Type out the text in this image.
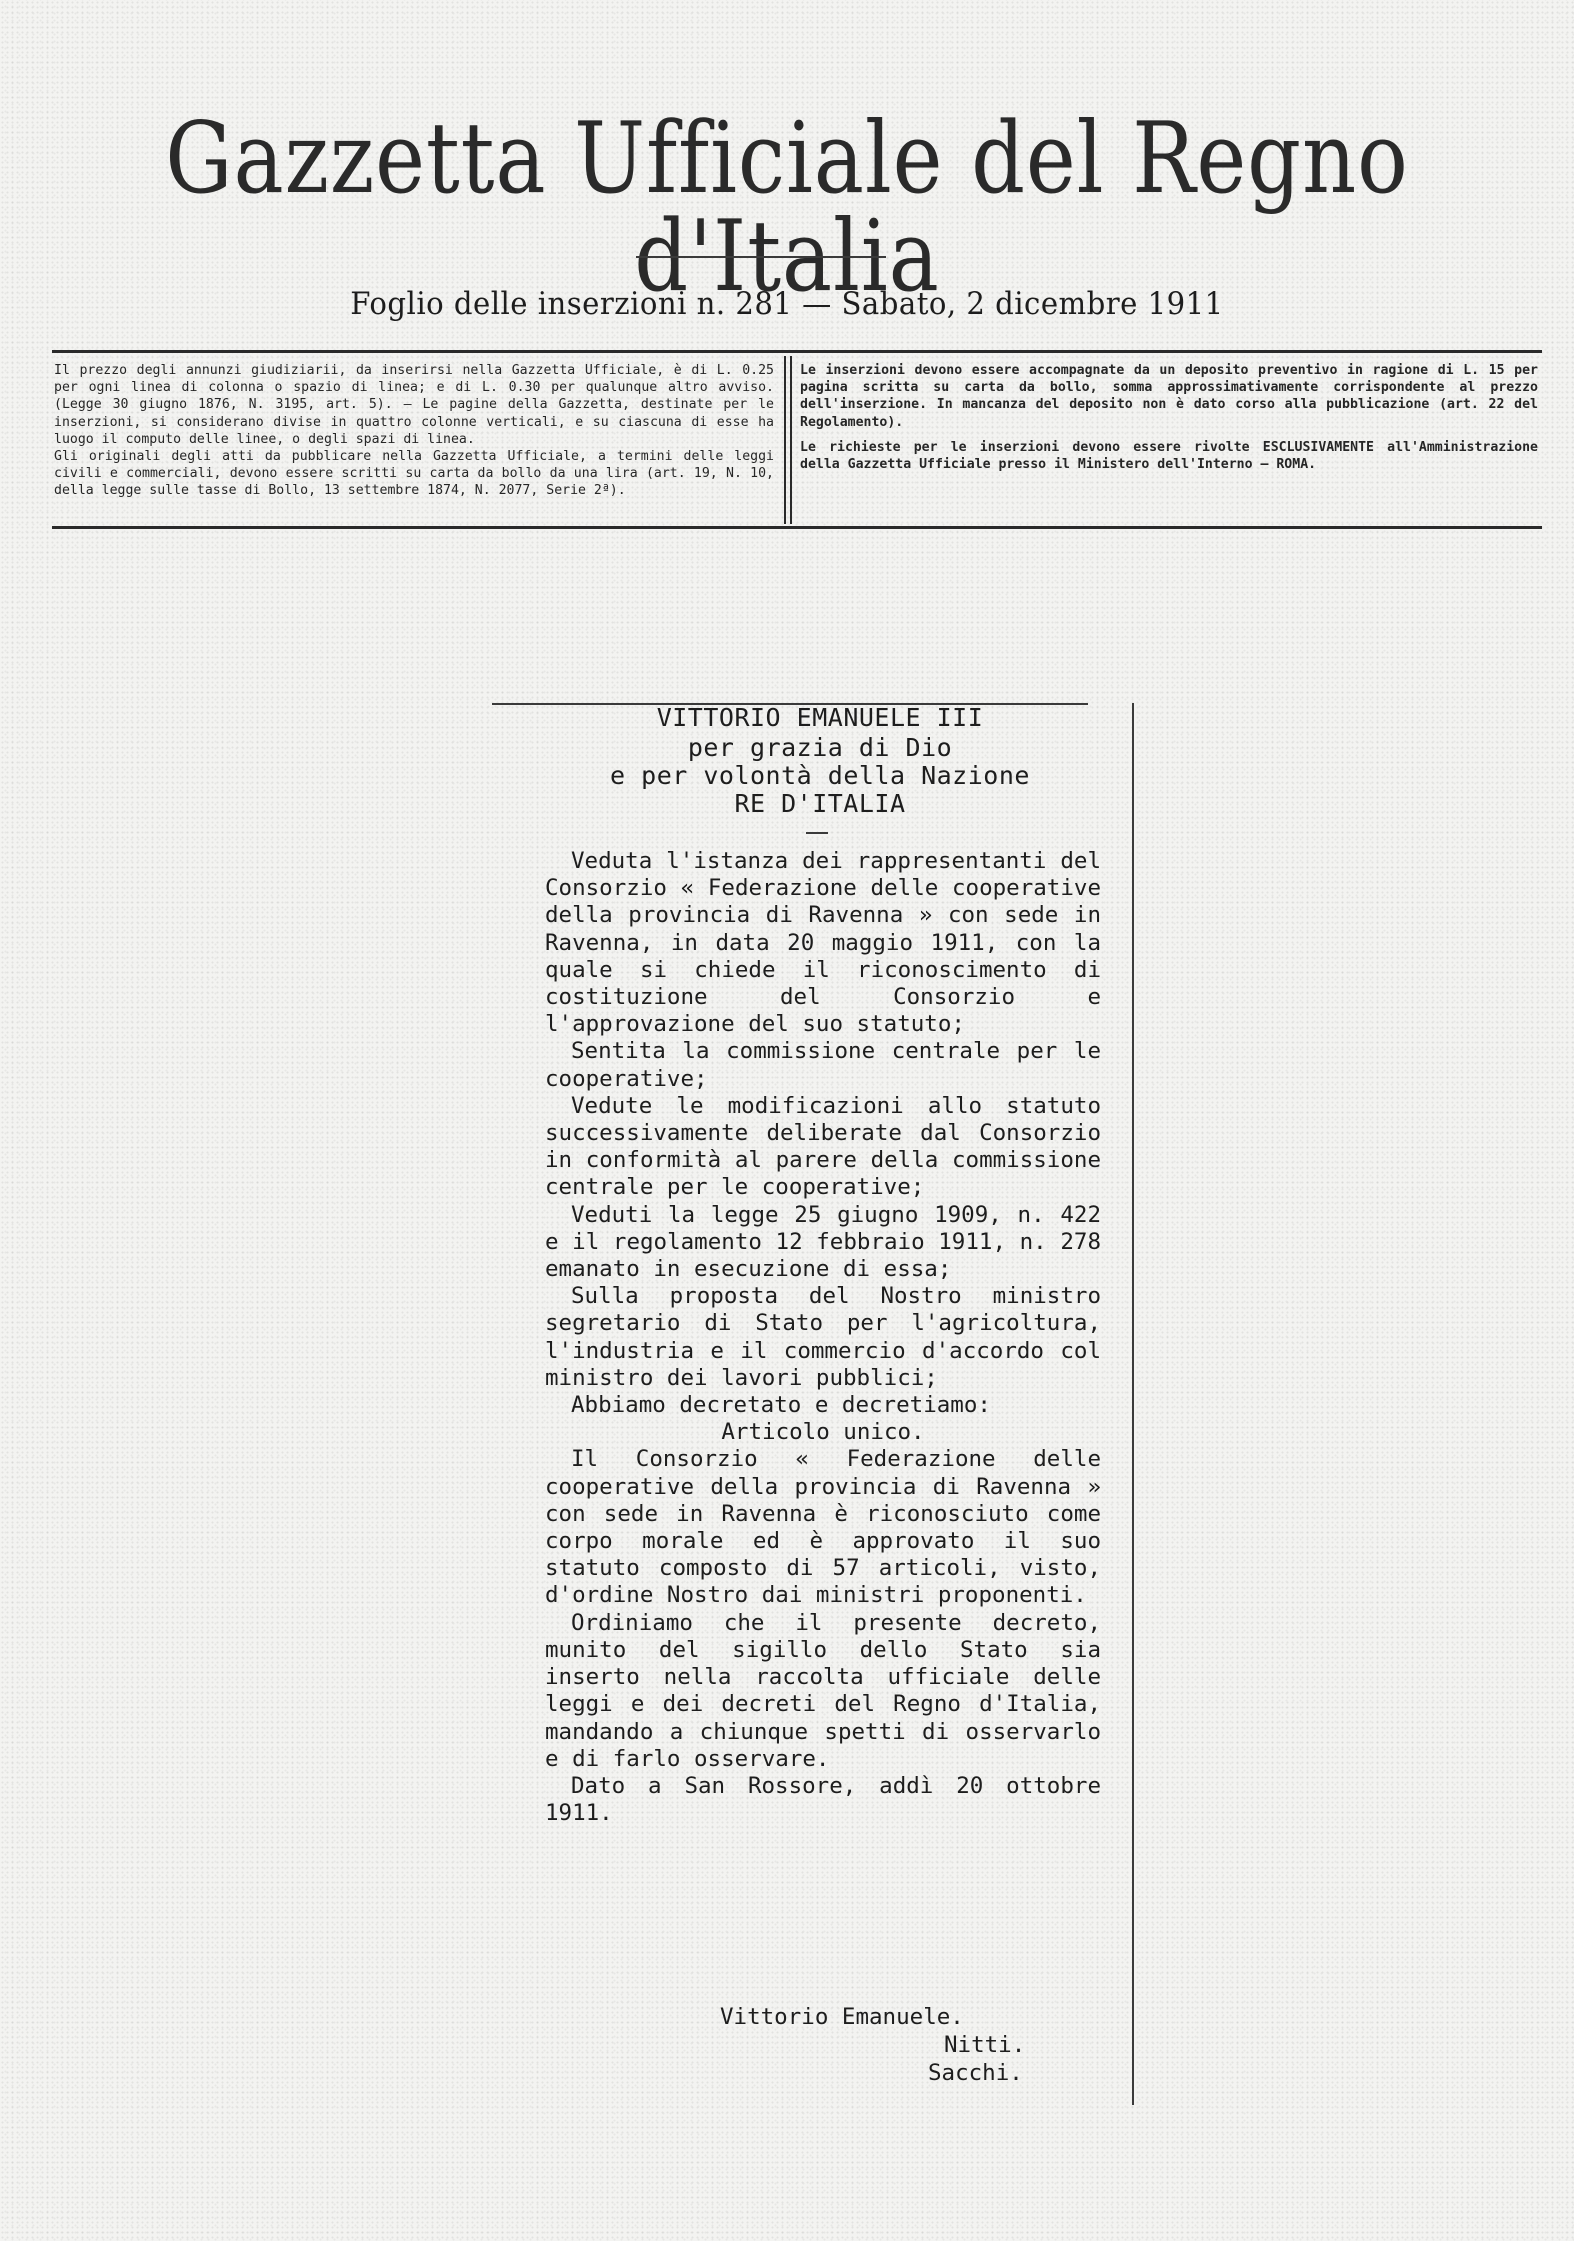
Gazzetta Ufficiale del Regno d'Italia
Foglio delle inserzioni n. 281 — Sabato, 2 dicembre 1911

Il prezzo degli annunzi giudiziarii, da inserirsi nella Gazzetta Ufficiale, è di L. 0.25 per ogni linea di colonna o spazio di linea; e di L. 0.30 per qualunque altro avviso. (Legge 30 giugno 1876, N. 3195, art. 5). — Le pagine della Gazzetta, destinate per le inserzioni, si considerano divise in quattro colonne verticali, e su ciascuna di esse ha luogo il computo delle linee, o degli spazi di linea.

Gli originali degli atti da pubblicare nella Gazzetta Ufficiale, a termini delle leggi civili e commerciali, devono essere scritti su carta da bollo da una lira (art. 19, N. 10, della legge sulle tasse di Bollo, 13 settembre 1874, N. 2077, Serie 2ª).

Le inserzioni devono essere accompagnate da un deposito preventivo in ragione di L. 15 per pagina scritta su carta da bollo, somma approssimativamente corrispondente al prezzo dell'inserzione. In mancanza del deposito non è dato corso alla pubblicazione (art. 22 del Regolamento).

Le richieste per le inserzioni devono essere rivolte ESCLUSIVAMENTE all'Amministrazione della Gazzetta Ufficiale presso il Ministero dell'Interno — ROMA.

VITTORIO EMANUELE III
per grazia di Dio
e per volontà della Nazione
RE D'ITALIA

Veduta l'istanza dei rappresentanti del Consorzio « Federazione delle cooperative della provincia di Ravenna » con sede in Ravenna, in data 20 maggio 1911, con la quale si chiede il riconoscimento di costituzione del Consorzio e l'approvazione del suo statuto;

Sentita la commissione centrale per le cooperative;

Vedute le modificazioni allo statuto successivamente deliberate dal Consorzio in conformità al parere della commissione centrale per le cooperative;

Veduti la legge 25 giugno 1909, n. 422 e il regolamento 12 febbraio 1911, n. 278 emanato in esecuzione di essa;

Sulla proposta del Nostro ministro segretario di Stato per l'agricoltura, l'industria e il commercio d'accordo col ministro dei lavori pubblici;

Abbiamo decretato e decretiamo:

Articolo unico.

Il Consorzio « Federazione delle cooperative della provincia di Ravenna » con sede in Ravenna è riconosciuto come corpo morale ed è approvato il suo statuto composto di 57 articoli, visto, d'ordine Nostro dai ministri proponenti.

Ordiniamo che il presente decreto, munito del sigillo dello Stato sia inserto nella raccolta ufficiale delle leggi e dei decreti del Regno d'Italia, mandando a chiunque spetti di osservarlo e di farlo osservare.

Dato a San Rossore, addì 20 ottobre 1911.

Vittorio Emanuele.
Nitti.
Sacchi.
